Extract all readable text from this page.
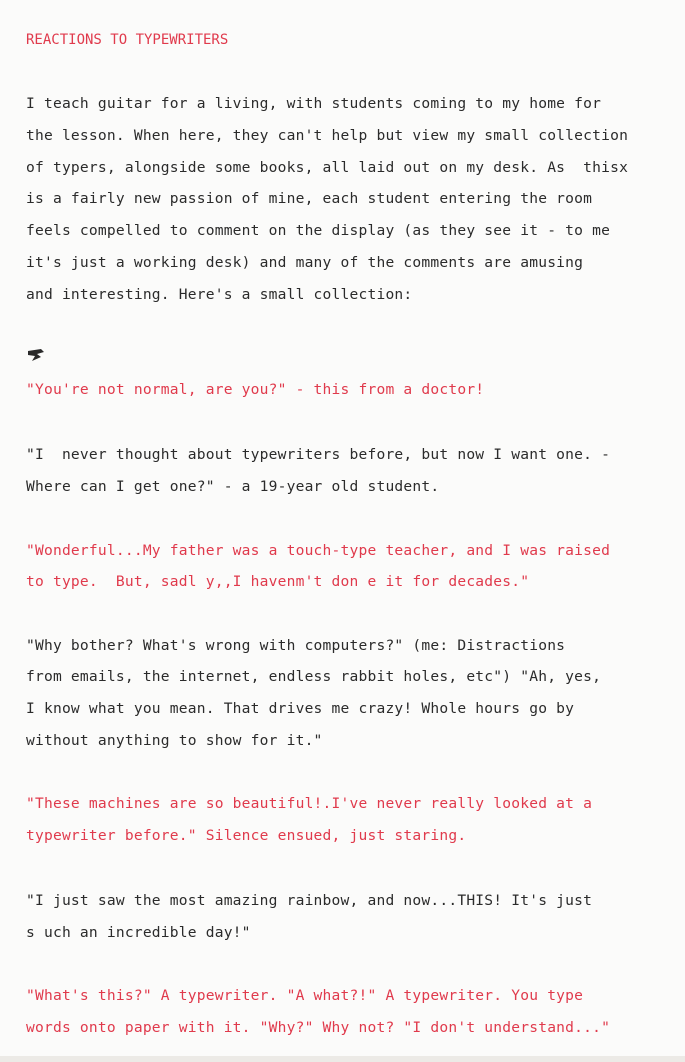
REACTIONS TO TYPEWRITERS

I teach guitar for a living, with students coming to my home for

the lesson. When here, they can't help but view my small collection

of typers, alongside some books, all laid out on my desk. As  thisx

is a fairly new passion of mine, each student entering the room

feels compelled to comment on the display (as they see it - to me

it's just a working desk) and many of the comments are amusing

and interesting. Here's a small collection:

"You're not normal, are you?" - this from a doctor!

"I  never thought about typewriters before, but now I want one. -

Where can I get one?" - a 19-year old student.

"Wonderful...My father was a touch-type teacher, and I was raised

to type.  But, sadl y,,I havenm't don e it for decades."

"Why bother? What's wrong with computers?" (me: Distractions

from emails, the internet, endless rabbit holes, etc") "Ah, yes,

I know what you mean. That drives me crazy! Whole hours go by

without anything to show for it."

"These machines are so beautiful!.I've never really looked at a

typewriter before." Silence ensued, just staring.

"I just saw the most amazing rainbow, and now...THIS! It's just

s uch an incredible day!"

"What's this?" A typewriter. "A what?!" A typewriter. You type

words onto paper with it. "Why?" Why not? "I don't understand..."
